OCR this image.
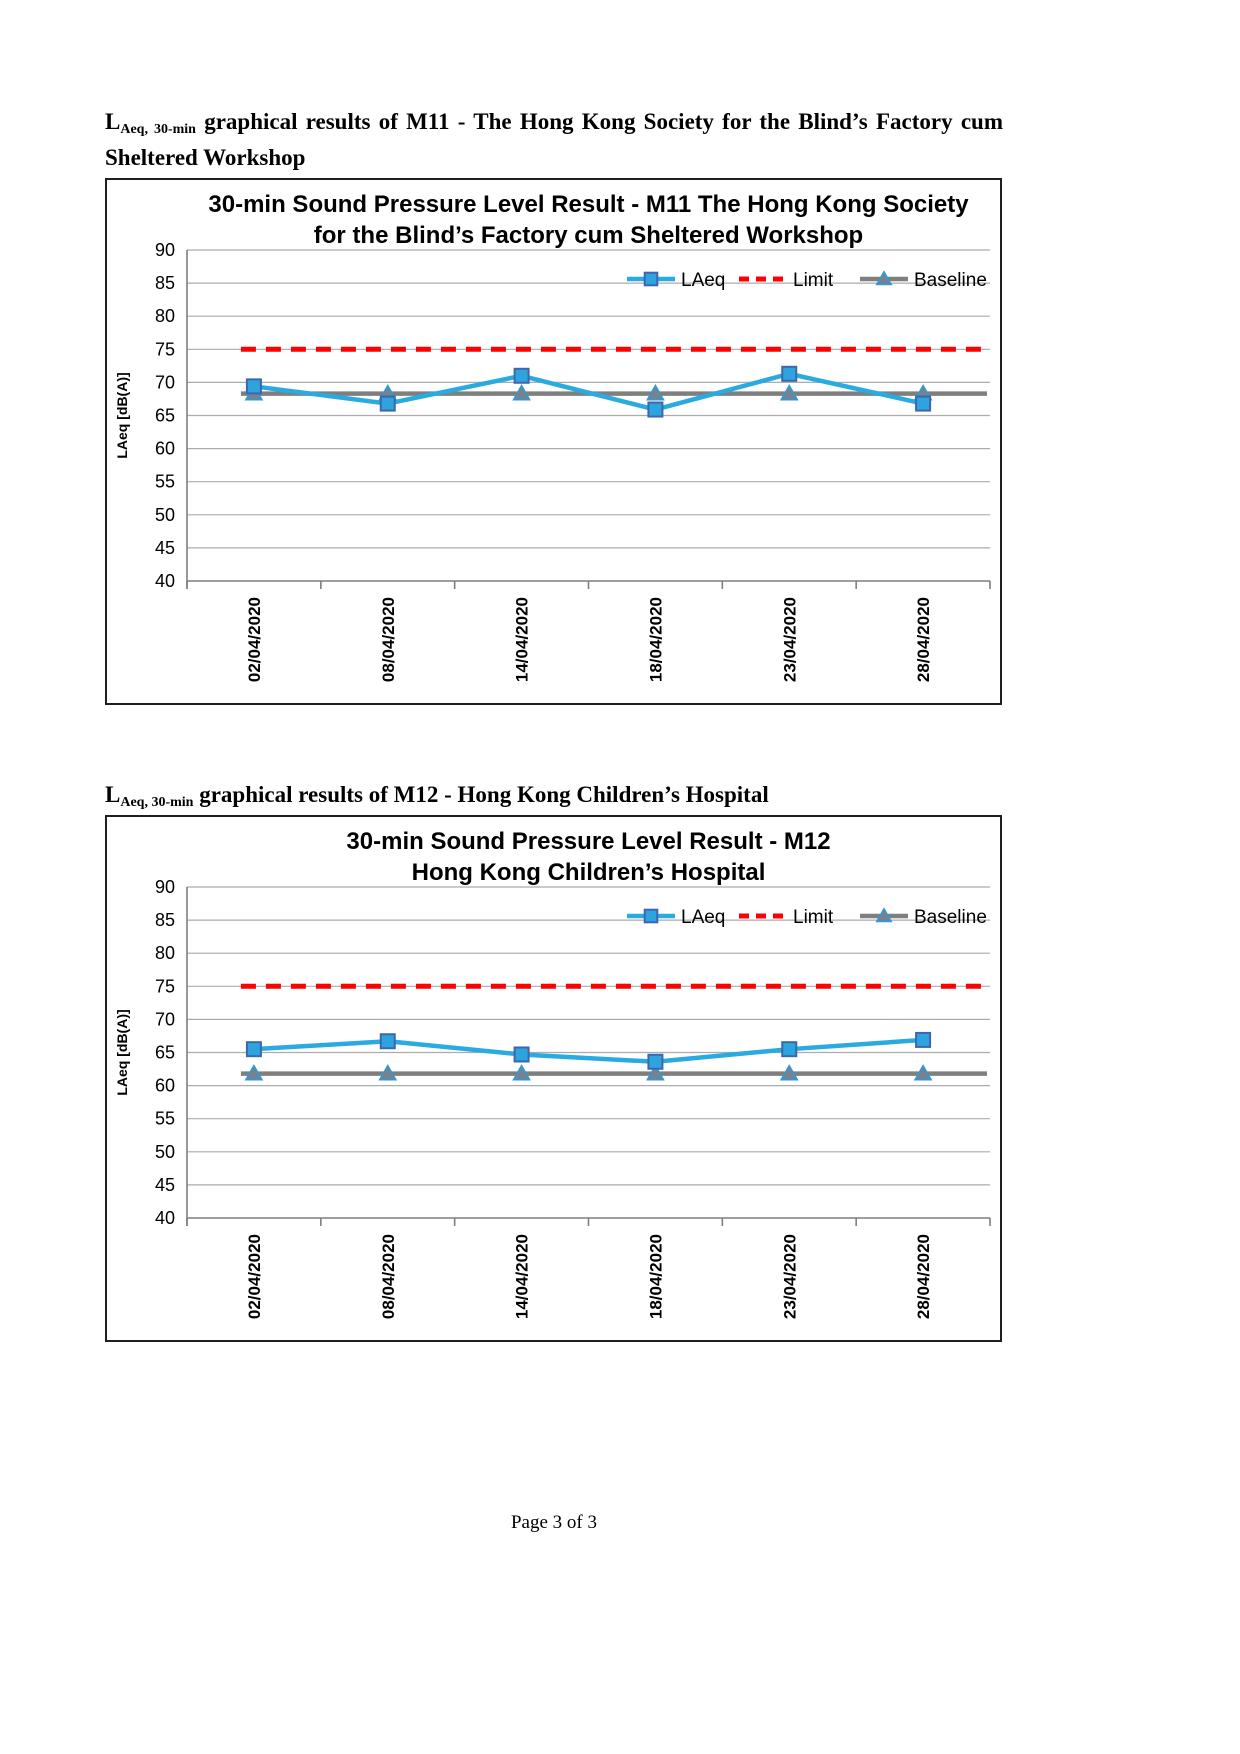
LAeq, 30-min graphical results of M11 - The Hong Kong Society for the Blind’s Factory cum Sheltered Workshop
40
45
50
55
60
65
70
75
80
85
90
LAeq [dB(A)]
02/04/2020	08/04/2020	14/04/2020	18/04/2020	23/04/2020	28/04/2020
30-min Sound Pressure Level Result - M11 The Hong Kong Society
for the Blind’s Factory cum Sheltered Workshop
LAeq	Limit	Baseline
LAeq, 30-min graphical results of M12 - Hong Kong Children’s Hospital
40
45
50
55
60
65
70
75
80
85
90
LAeq [dB(A)]
02/04/2020	08/04/2020	14/04/2020	18/04/2020	23/04/2020	28/04/2020
30-min Sound Pressure Level Result - M12
Hong Kong Children’s Hospital
LAeq	Limit	Baseline
Page 3 of 3
